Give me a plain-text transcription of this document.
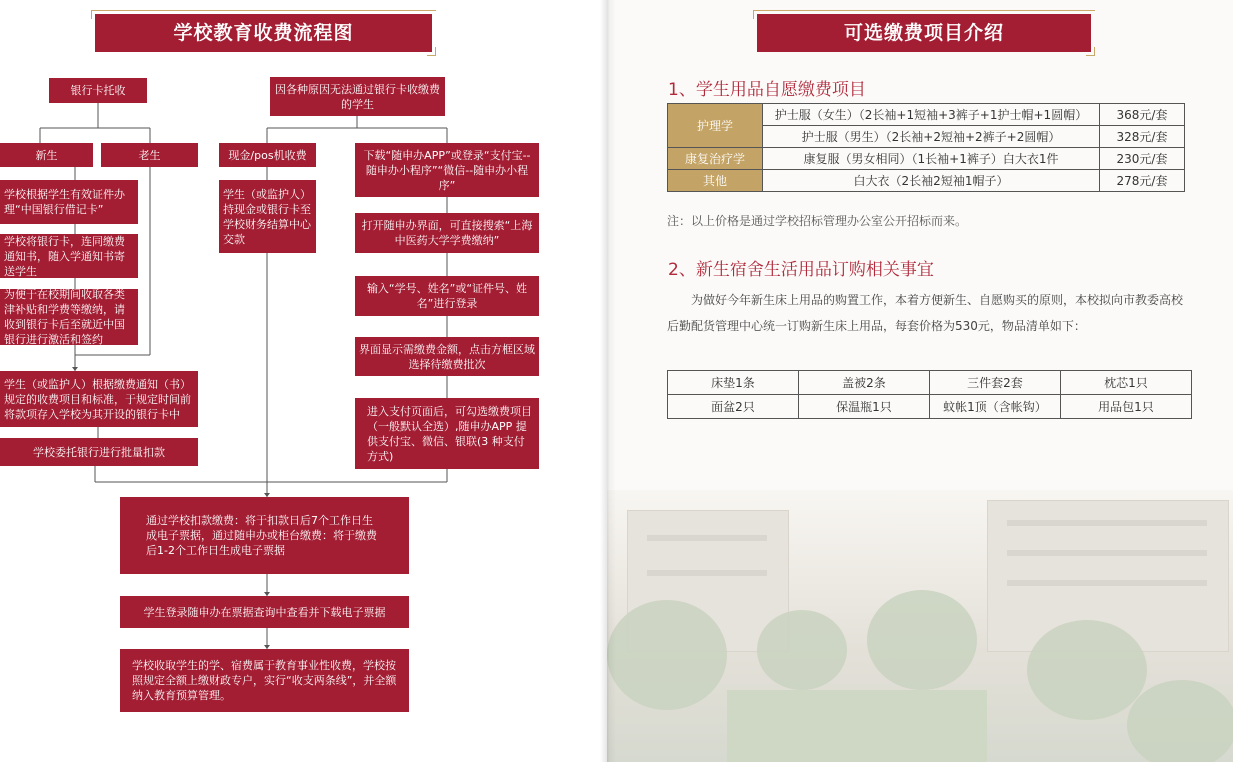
学校教育收费流程图
银行卡托收	因各种原因无法通过银行卡收缴费的学生
新生	老生	现金/pos机收费	下载“随申办APP”或登录“支付宝--随申办小程序”“微信--随申办小程序”
学校根据学生有效证件办理“中国银行借记卡”
学校将银行卡，连同缴费通知书，随入学通知书寄送学生
为便于在校期间收取各类津补贴和学费等缴纳，请收到银行卡后至就近中国银行进行激活和签约
学生（或监护人）持现金或银行卡至学校财务结算中心交款
打开随申办界面，可直接搜索“上海中医药大学学费缴纳”
输入“学号、姓名”或“证件号、姓名”进行登录
界面显示需缴费金额，点击方框区域选择待缴费批次
进入支付页面后，可勾选缴费项目（一般默认全选）,随申办APP 提供支付宝、微信、银联(3 种支付方式)
学生（或监护人）根据缴费通知（书）规定的收费项目和标准，于规定时间前将款项存入学校为其开设的银行卡中
学校委托银行进行批量扣款
通过学校扣款缴费：将于扣款日后7个工作日生成电子票据，通过随申办或柜台缴费：将于缴费后1-2个工作日生成电子票据
学生登录随申办在票据查询中查看并下载电子票据
学校收取学生的学、宿费属于教育事业性收费，学校按照规定全额上缴财政专户，实行“收支两条线”，并全额纳入教育预算管理。
可选缴费项目介绍
1、学生用品自愿缴费项目
护理学	护士服（女生）（2长袖+1短袖+3裤子+1护士帽+1圆帽）	368元/套
	护士服（男生）（2长袖+2短袖+2裤子+2圆帽）	328元/套
康复治疗学	康复服（男女相同）（1长袖+1裤子）白大衣1件	230元/套
其他	白大衣（2长袖2短袖1帽子）	278元/套
注：以上价格是通过学校招标管理办公室公开招标而来。
2、新生宿舍生活用品订购相关事宜
为做好今年新生床上用品的购置工作，本着方便新生、自愿购买的原则，本校拟向市教委高校后勤配货管理中心统一订购新生床上用品，每套价格为530元，物品清单如下：
床垫1条	盖被2条	三件套2套	枕芯1只
面盆2只	保温瓶1只	蚊帐1顶（含帐钩）	用品包1只
